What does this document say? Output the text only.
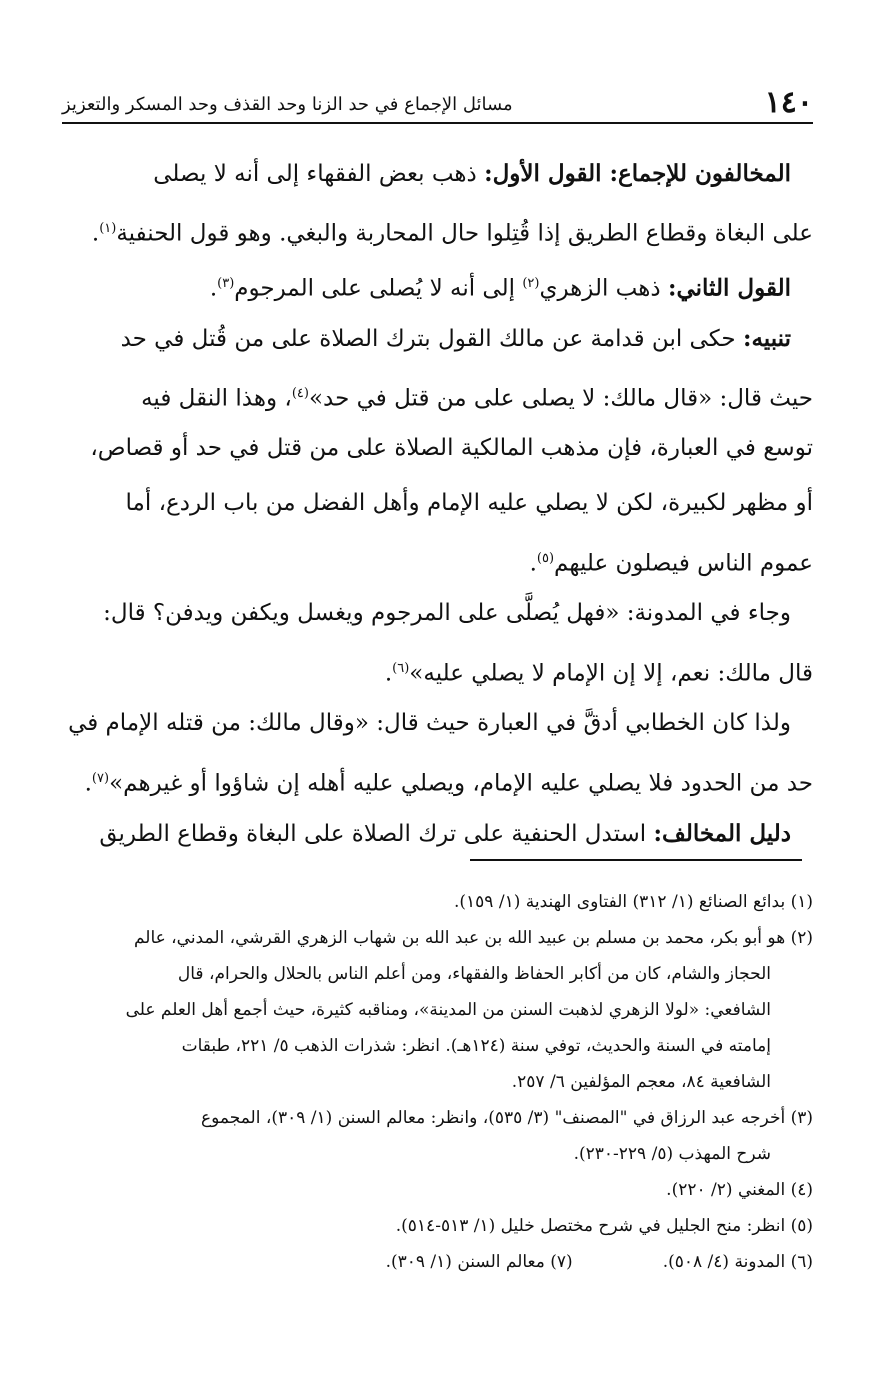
١٤٠
مسائل الإجماع في حد الزنا وحد القذف وحد المسكر والتعزيز
المخالفون للإجماع: القول الأول: ذهب بعض الفقهاء إلى أنه لا يصلى
على البغاة وقطاع الطريق إذا قُتِلوا حال المحاربة والبغي. وهو قول الحنفية$^{(١)}$.
القول الثاني: ذهب الزهري$^{(٢)}$ إلى أنه لا يُصلى على المرجوم$^{(٣)}$.
تنبيه: حكى ابن قدامة عن مالك القول بترك الصلاة على من قُتل في حد
حيث قال: «قال مالك: لا يصلى على من قتل في حد»$^{(٤)}$، وهذا النقل فيه
توسع في العبارة، فإن مذهب المالكية الصلاة على من قتل في حد أو قصاص،
أو مظهر لكبيرة، لكن لا يصلي عليه الإمام وأهل الفضل من باب الردع، أما
عموم الناس فيصلون عليهم$^{(٥)}$.
وجاء في المدونة: «فهل يُصلَّى على المرجوم ويغسل ويكفن ويدفن؟ قال:
قال مالك: نعم، إلا إن الإمام لا يصلي عليه»$^{(٦)}$.
ولذا كان الخطابي أدقَّ في العبارة حيث قال: «وقال مالك: من قتله الإمام في
حد من الحدود فلا يصلي عليه الإمام، ويصلي عليه أهله إن شاؤوا أو غيرهم»$^{(٧)}$.
دليل المخالف: استدل الحنفية على ترك الصلاة على البغاة وقطاع الطريق
(١) بدائع الصنائع (١/ ٣١٢) الفتاوى الهندية (١/ ١٥٩).
(٢) هو أبو بكر، محمد بن مسلم بن عبيد الله بن عبد الله بن شهاب الزهري القرشي، المدني، عالم
الحجاز والشام، كان من أكابر الحفاظ والفقهاء، ومن أعلم الناس بالحلال والحرام، قال
الشافعي: «لولا الزهري لذهبت السنن من المدينة»، ومناقبه كثيرة، حيث أجمع أهل العلم على
إمامته في السنة والحديث، توفي سنة (١٢٤هـ). انظر: شذرات الذهب ٥/ ٢٢١، طبقات
الشافعية ٨٤، معجم المؤلفين ٦/ ٢٥٧.
(٣) أخرجه عبد الرزاق في "المصنف" (٣/ ٥٣٥)، وانظر: معالم السنن (١/ ٣٠٩)، المجموع
شرح المهذب (٥/ ٢٢٩-٢٣٠).
(٤) المغني (٢/ ٢٢٠).
(٥) انظر: منح الجليل في شرح مختصل خليل (١/ ٥١٣-٥١٤).
(٦) المدونة (٤/ ٥٠٨).
(٧) معالم السنن (١/ ٣٠٩).
